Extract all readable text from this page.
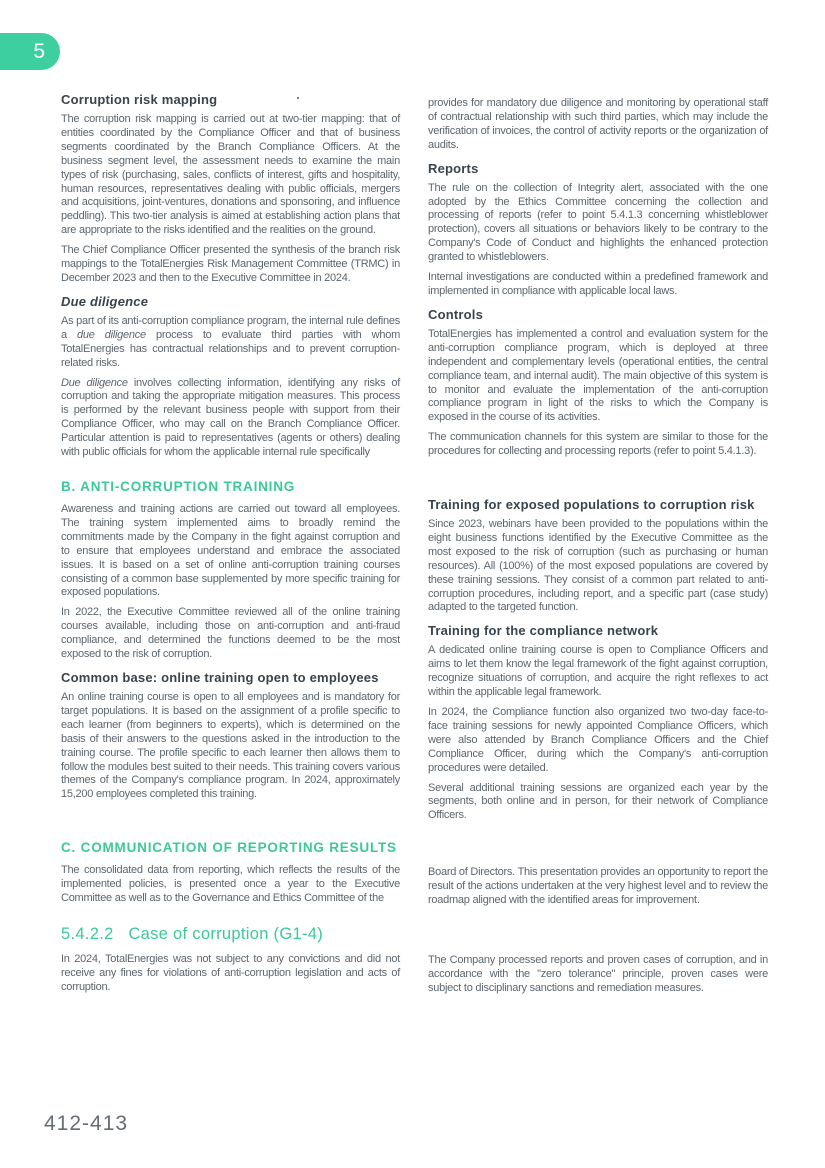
5
Corruption risk mapping

The corruption risk mapping is carried out at two-tier mapping: that of entities coordinated by the Compliance Officer and that of business segments coordinated by the Branch Compliance Officers. At the business segment level, the assessment needs to examine the main types of risk (purchasing, sales, conflicts of interest, gifts and hospitality, human resources, representatives dealing with public officials, mergers and acquisitions, joint-ventures, donations and sponsoring, and influence peddling). This two-tier analysis is aimed at establishing action plans that are appropriate to the risks identified and the realities on the ground.

The Chief Compliance Officer presented the synthesis of the branch risk mappings to the TotalEnergies Risk Management Committee (TRMC) in December 2023 and then to the Executive Committee in 2024.

Due diligence

As part of its anti-corruption compliance program, the internal rule defines a due diligence process to evaluate third parties with whom TotalEnergies has contractual relationships and to prevent corruption-related risks.

Due diligence involves collecting information, identifying any risks of corruption and taking the appropriate mitigation measures. This process is performed by the relevant business people with support from their Compliance Officer, who may call on the Branch Compliance Officer. Particular attention is paid to representatives (agents or others) dealing with public officials for whom the applicable internal rule specifically

B. ANTI-CORRUPTION TRAINING

Awareness and training actions are carried out toward all employees. The training system implemented aims to broadly remind the commitments made by the Company in the fight against corruption and to ensure that employees understand and embrace the associated issues. It is based on a set of online anti-corruption training courses consisting of a common base supplemented by more specific training for exposed populations.

In 2022, the Executive Committee reviewed all of the online training courses available, including those on anti-corruption and anti-fraud compliance, and determined the functions deemed to be the most exposed to the risk of corruption.

Common base: online training open to employees

An online training course is open to all employees and is mandatory for target populations. It is based on the assignment of a profile specific to each learner (from beginners to experts), which is determined on the basis of their answers to the questions asked in the introduction to the training course. The profile specific to each learner then allows them to follow the modules best suited to their needs. This training covers various themes of the Company's compliance program. In 2024, approximately 15,200 employees completed this training.

C. COMMUNICATION OF REPORTING RESULTS

The consolidated data from reporting, which reflects the results of the implemented policies, is presented once a year to the Executive Committee as well as to the Governance and Ethics Committee of the

5.4.2.2 Case of corruption (G1-4)

In 2024, TotalEnergies was not subject to any convictions and did not receive any fines for violations of anti-corruption legislation and acts of corruption.

provides for mandatory due diligence and monitoring by operational staff of contractual relationship with such third parties, which may include the verification of invoices, the control of activity reports or the organization of audits.

Reports

The rule on the collection of Integrity alert, associated with the one adopted by the Ethics Committee concerning the collection and processing of reports (refer to point 5.4.1.3 concerning whistleblower protection), covers all situations or behaviors likely to be contrary to the Company's Code of Conduct and highlights the enhanced protection granted to whistleblowers.

Internal investigations are conducted within a predefined framework and implemented in compliance with applicable local laws.

Controls

TotalEnergies has implemented a control and evaluation system for the anti-corruption compliance program, which is deployed at three independent and complementary levels (operational entities, the central compliance team, and internal audit). The main objective of this system is to monitor and evaluate the implementation of the anti-corruption compliance program in light of the risks to which the Company is exposed in the course of its activities.

The communication channels for this system are similar to those for the procedures for collecting and processing reports (refer to point 5.4.1.3).

Training for exposed populations to corruption risk

Since 2023, webinars have been provided to the populations within the eight business functions identified by the Executive Committee as the most exposed to the risk of corruption (such as purchasing or human resources). All (100%) of the most exposed populations are covered by these training sessions. They consist of a common part related to anti-corruption procedures, including report, and a specific part (case study) adapted to the targeted function.

Training for the compliance network

A dedicated online training course is open to Compliance Officers and aims to let them know the legal framework of the fight against corruption, recognize situations of corruption, and acquire the right reflexes to act within the applicable legal framework.

In 2024, the Compliance function also organized two two-day face-to-face training sessions for newly appointed Compliance Officers, which were also attended by Branch Compliance Officers and the Chief Compliance Officer, during which the Company's anti-corruption procedures were detailed.

Several additional training sessions are organized each year by the segments, both online and in person, for their network of Compliance Officers.

Board of Directors. This presentation provides an opportunity to report the result of the actions undertaken at the very highest level and to review the roadmap aligned with the identified areas for improvement.

The Company processed reports and proven cases of corruption, and in accordance with the "zero tolerance" principle, proven cases were subject to disciplinary sanctions and remediation measures.

412-413
